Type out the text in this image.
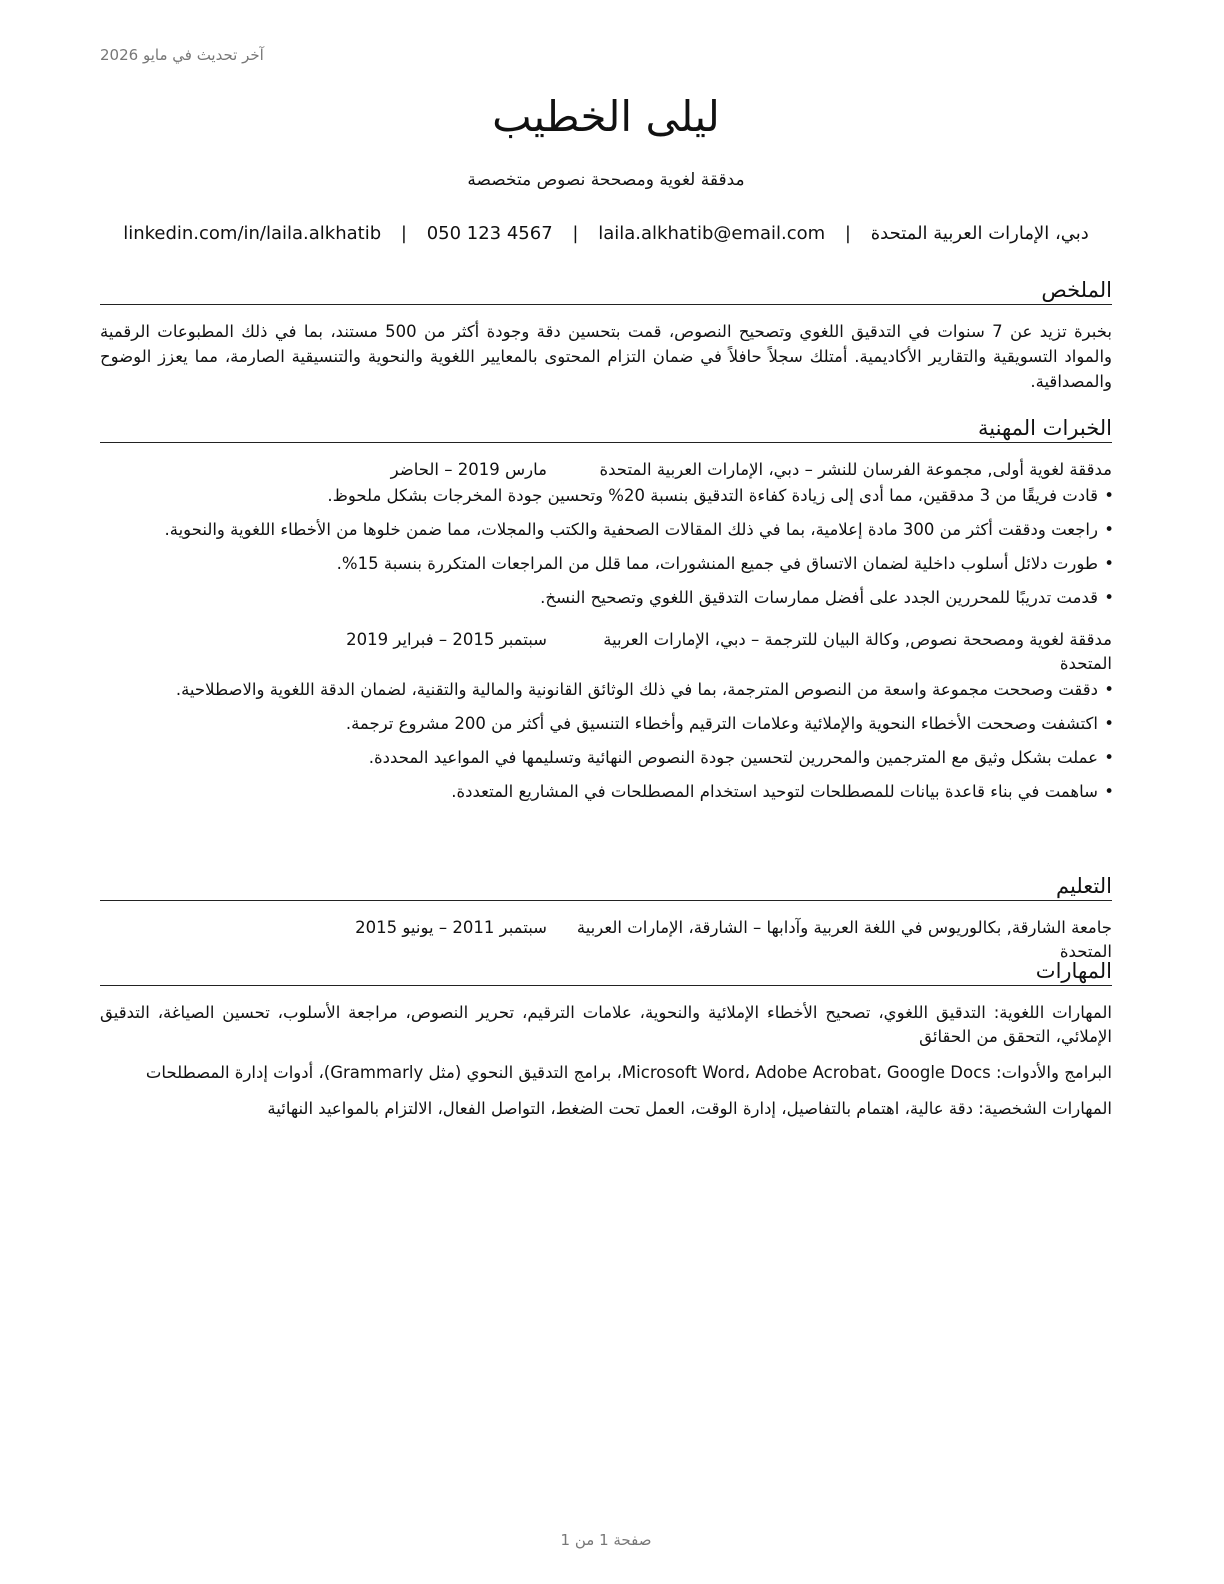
آخر تحديث في مايو 2026
ليلى الخطيب
مدققة لغوية ومصححة نصوص متخصصة
دبي، الإمارات العربية المتحدة | laila.alkhatib@email.com | 050 123 4567 | linkedin.com/in/laila.alkhatib
الملخص

بخبرة تزيد عن 7 سنوات في التدقيق اللغوي وتصحيح النصوص، قمت بتحسين دقة وجودة أكثر من 500 مستند، بما في ذلك المطبوعات الرقمية والمواد التسويقية والتقارير الأكاديمية. أمتلك سجلاً حافلاً في ضمان التزام المحتوى بالمعايير اللغوية والنحوية والتنسيقية الصارمة، مما يعزز الوضوح والمصداقية.

الخبرات المهنية
مدققة لغوية أولى, مجموعة الفرسان للنشر – دبي، الإمارات العربية المتحدة
مارس 2019 – الحاضر
• قادت فريقًا من 3 مدققين، مما أدى إلى زيادة كفاءة التدقيق بنسبة 20% وتحسين جودة المخرجات بشكل ملحوظ.
• راجعت ودققت أكثر من 300 مادة إعلامية، بما في ذلك المقالات الصحفية والكتب والمجلات، مما ضمن خلوها من الأخطاء اللغوية والنحوية.
• طورت دلائل أسلوب داخلية لضمان الاتساق في جميع المنشورات، مما قلل من المراجعات المتكررة بنسبة 15%.
• قدمت تدريبًا للمحررين الجدد على أفضل ممارسات التدقيق اللغوي وتصحيح النسخ.
مدققة لغوية ومصححة نصوص, وكالة البيان للترجمة – دبي، الإمارات العربية المتحدة
سبتمبر 2015 – فبراير 2019
• دققت وصححت مجموعة واسعة من النصوص المترجمة، بما في ذلك الوثائق القانونية والمالية والتقنية، لضمان الدقة اللغوية والاصطلاحية.
• اكتشفت وصححت الأخطاء النحوية والإملائية وعلامات الترقيم وأخطاء التنسيق في أكثر من 200 مشروع ترجمة.
• عملت بشكل وثيق مع المترجمين والمحررين لتحسين جودة النصوص النهائية وتسليمها في المواعيد المحددة.
• ساهمت في بناء قاعدة بيانات للمصطلحات لتوحيد استخدام المصطلحات في المشاريع المتعددة.
التعليم
جامعة الشارقة, بكالوريوس في اللغة العربية وآدابها – الشارقة، الإمارات العربية المتحدة
سبتمبر 2011 – يونيو 2015
المهارات

المهارات اللغوية: التدقيق اللغوي، تصحيح الأخطاء الإملائية والنحوية، علامات الترقيم، تحرير النصوص، مراجعة الأسلوب، تحسين الصياغة، التدقيق الإملائي، التحقق من الحقائق

البرامج والأدوات: Microsoft Word، Adobe Acrobat، Google Docs، برامج التدقيق النحوي (مثل Grammarly)، أدوات إدارة المصطلحات

المهارات الشخصية: دقة عالية، اهتمام بالتفاصيل، إدارة الوقت، العمل تحت الضغط، التواصل الفعال، الالتزام بالمواعيد النهائية

صفحة 1 من 1
